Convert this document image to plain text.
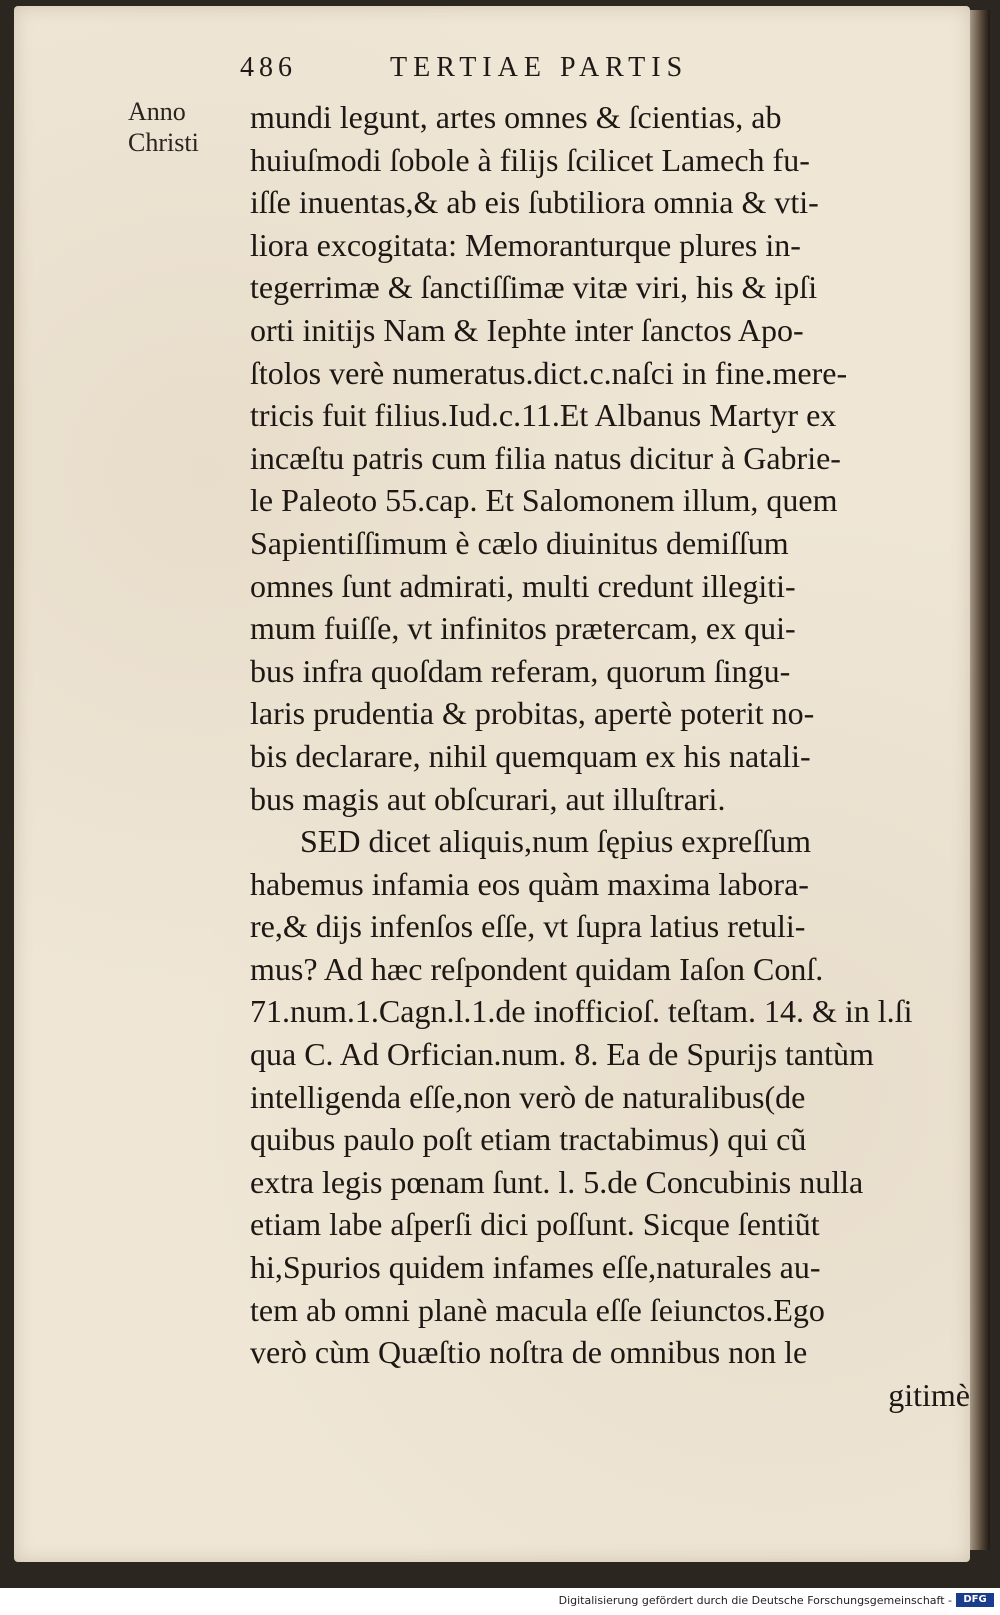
486	TERTIAE PARTIS
Anno
Christi
mundi legunt, artes omnes & ſcientias, ab
huiuſmodi ſobole à filijs ſcilicet Lamech fu-
iſſe inuentas,& ab eis ſubtiliora omnia & vti-
liora excogitata: Memoranturque plures in-
tegerrimæ & ſanctiſſimæ vitæ viri, his & ipſi
orti initijs Nam & Iephte inter ſanctos Apo-
ſtolos verè numeratus.dict.c.naſci in fine.mere-
tricis fuit filius.Iud.c.11.Et Albanus Martyr ex
incæſtu patris cum filia natus dicitur à Gabrie-
le Paleoto 55.cap. Et Salomonem illum, quem
Sapientiſſimum è cælo diuinitus demiſſum
omnes ſunt admirati, multi credunt illegiti-
mum fuiſſe, vt infinitos prætercam, ex qui-
bus infra quoſdam referam, quorum ſingu-
laris prudentia & probitas, apertè poterit no-
bis declarare, nihil quemquam ex his natali-
bus magis aut obſcurari, aut illuſtrari.
SED dicet aliquis,num ſępius expreſſum
habemus infamia eos quàm maxima labora-
re,& dijs infenſos eſſe, vt ſupra latius retuli-
mus? Ad hæc reſpondent quidam Iaſon Conſ.
71.num.1.Cagn.l.1.de inofficioſ. teſtam. 14. & in l.ſi
qua C. Ad Orfician.num. 8. Ea de Spurijs tantùm
intelligenda eſſe,non verò de naturalibus(de
quibus paulo poſt etiam tractabimus) qui cũ
extra legis pœnam ſunt. l. 5.de Concubinis nulla
etiam labe aſperſi dici poſſunt. Sicque ſentiũt
hi,Spurios quidem infames eſſe,naturales au-
tem ab omni planè macula eſſe ſeiunctos.Ego
verò cùm Quæſtio noſtra de omnibus non le
gitimè
Digitalisierung gefördert durch die Deutsche Forschungsgemeinschaft -	DFG
